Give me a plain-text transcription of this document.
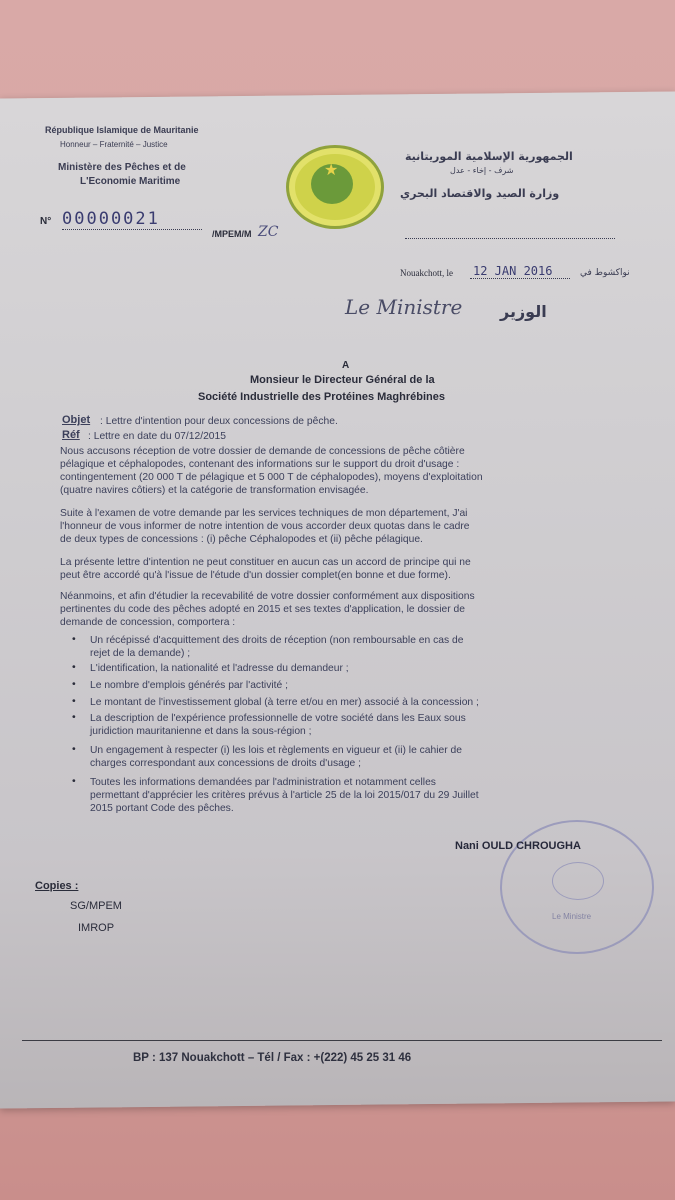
République Islamique de Mauritanie
Honneur – Fraternité – Justice
Ministère des Pêches et de
L'Economie Maritime
★
الجمهورية الإسلامية الموريتانية
شرف - إخاء - عدل
وزارة الصيد والاقتصاد البحري
N° 00000021
/MPEM/M ZC
Nouakchott, le 12 JAN 2016	نواكشوط في
Le Ministre الوزير
A
Monsieur le Directeur Général de la
Société Industrielle des Protéines Maghrébines
Objet : Lettre d'intention pour deux concessions de pêche.
Réf : Lettre en date du 07/12/2015
Nous accusons réception de votre dossier de demande de concessions de pêche côtière
pélagique et céphalopodes, contenant des informations sur le support du droit d'usage :
contingentement (20 000 T de pélagique et 5 000 T de céphalopodes), moyens d'exploitation
(quatre navires côtiers) et la catégorie de transformation envisagée.
Suite à l'examen de votre demande par les services techniques de mon département, J'ai
l'honneur de vous informer de notre intention de vous accorder deux quotas dans le cadre
de deux types de concessions : (i) pêche Céphalopodes et (ii) pêche pélagique.
La présente lettre d'intention ne peut constituer en aucun cas un accord de principe qui ne
peut être accordé qu'à l'issue de l'étude d'un dossier complet(en bonne et due forme).
Néanmoins, et afin d'étudier la recevabilité de votre dossier conformément aux dispositions
pertinentes du code des pêches adopté en 2015 et ses textes d'application, le dossier de
demande de concession, comportera :
• Un récépissé d'acquittement des droits de réception (non remboursable en cas de
rejet de la demande) ;
• L'identification, la nationalité et l'adresse du demandeur ;
• Le nombre d'emplois générés par l'activité ;
• Le montant de l'investissement global (à terre et/ou en mer) associé à la concession ;
• La description de l'expérience professionnelle de votre société dans les Eaux sous
juridiction mauritanienne et dans la sous-région ;
• Un engagement à respecter (i) les lois et règlements en vigueur et (ii) le cahier de
charges correspondant aux concessions de droits d'usage ;
• Toutes les informations demandées par l'administration et notamment celles
permettant d'apprécier les critères prévus à l'article 25 de la loi 2015/017 du 29 Juillet
2015 portant Code des pêches.
Le Ministre
Nani OULD CHROUGHA
Copies :
SG/MPEM
IMROP
BP : 137 Nouakchott – Tél / Fax : +(222) 45 25 31 46
